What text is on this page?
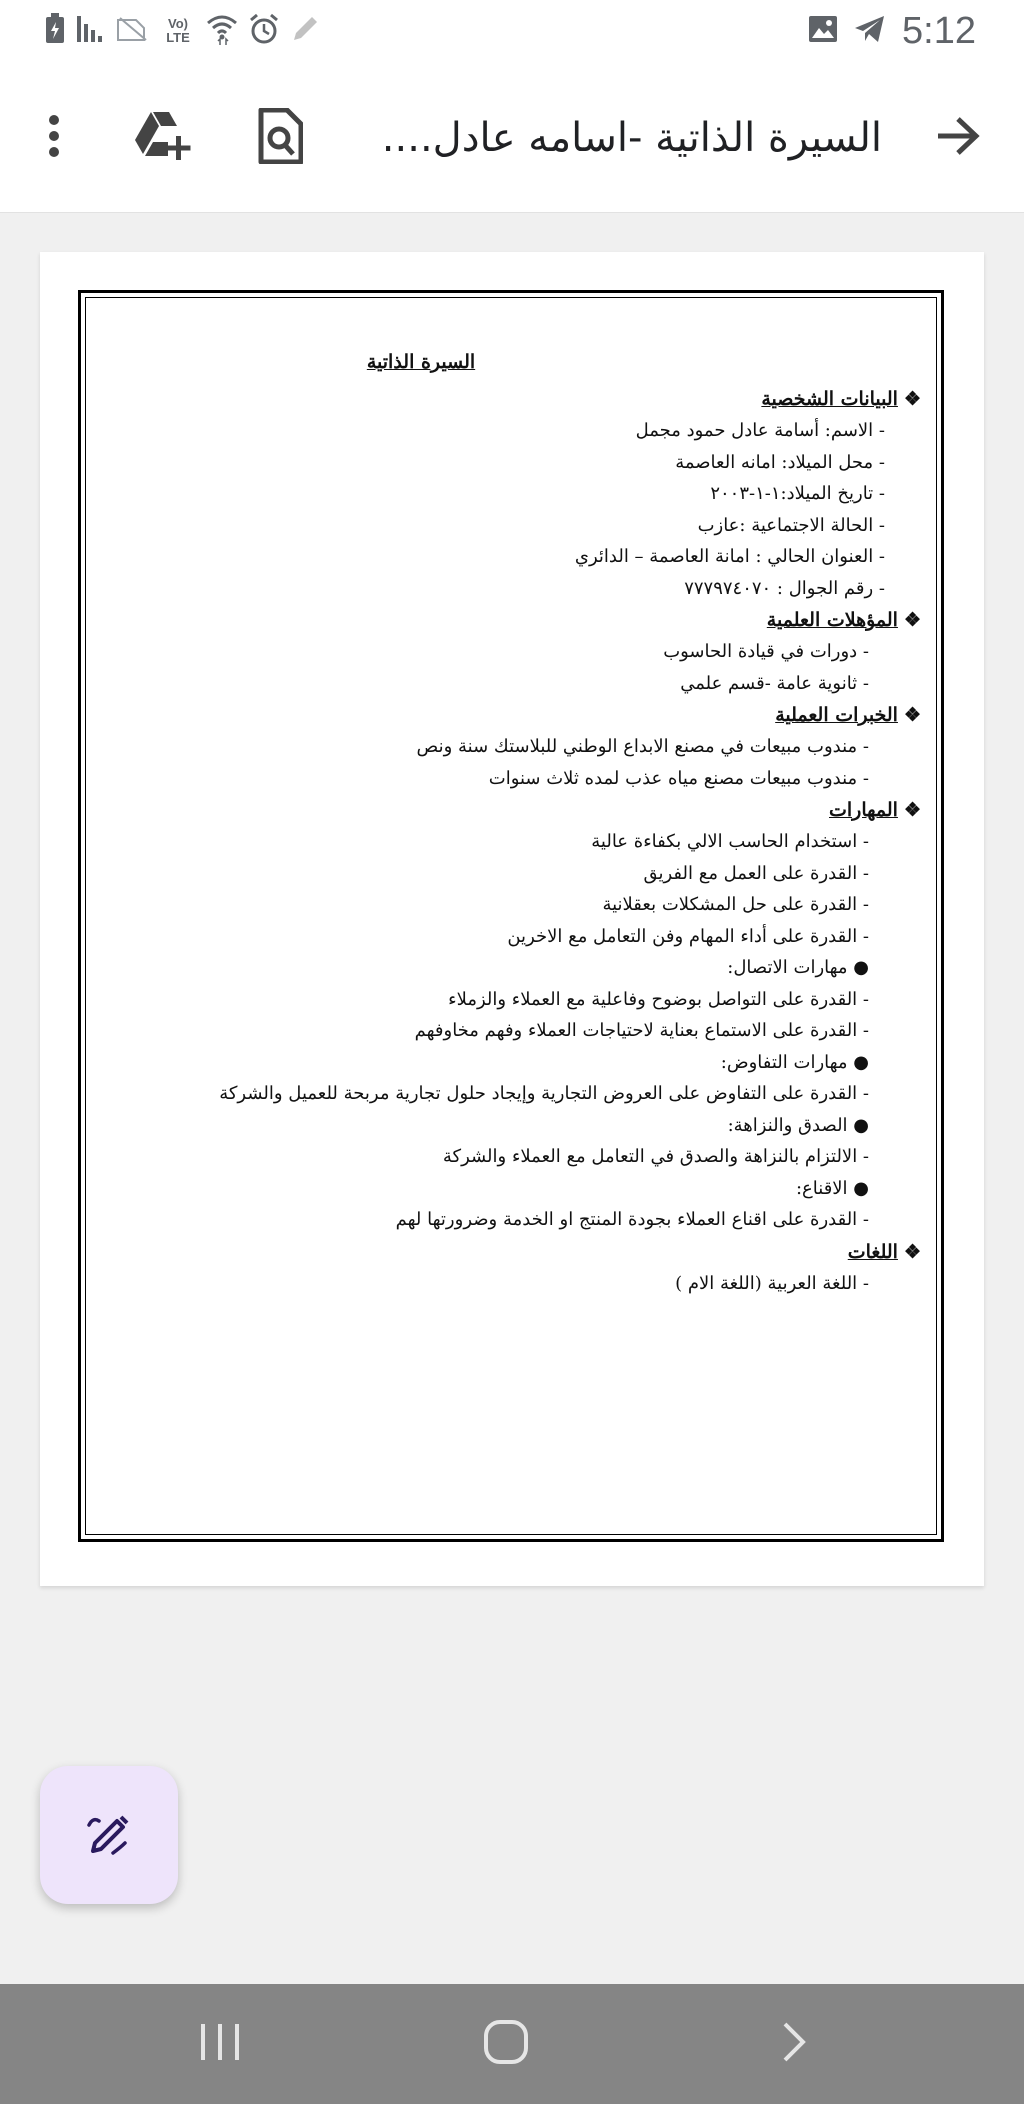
Vo) LTE	5:12
السيرة الذاتية -اسامه عادل....
السيرة الذاتية
❖البيانات الشخصية
- الاسم: أسامة عادل حمود مجمل
- محل الميلاد: امانه العاصمة
- تاريخ الميلاد:١-١-٢٠٠٣
- الحالة الاجتماعية :عازب
- العنوان الحالي : امانة العاصمة – الدائري
- رقم الجوال : ٧٧٧٩٧٤٠٧٠
❖المؤهلات العلمية
- دورات في قيادة الحاسوب
- ثانوية عامة -قسم علمي
❖الخبرات العملية
- مندوب مبيعات في مصنع الابداع الوطني للبلاستك سنة ونص
- مندوب مبيعات مصنع مياه عذب لمده ثلاث سنوات
❖المهارات
- استخدام الحاسب الالي بكفاءة عالية
- القدرة على العمل مع الفريق
- القدرة على حل المشكلات بعقلانية
- القدرة على أداء المهام وفن التعامل مع الاخرين
● مهارات الاتصال:
- القدرة على التواصل بوضوح وفاعلية مع العملاء والزملاء
- القدرة على الاستماع بعناية لاحتياجات العملاء وفهم مخاوفهم
● مهارات التفاوض:
- القدرة على التفاوض على العروض التجارية وإيجاد حلول تجارية مربحة للعميل والشركة
● الصدق والنزاهة:
- الالتزام بالنزاهة والصدق في التعامل مع العملاء والشركة
● الاقناع:
- القدرة على اقناع العملاء بجودة المنتج او الخدمة وضرورتها لهم
❖اللغات
- اللغة العربية (اللغة الام )
